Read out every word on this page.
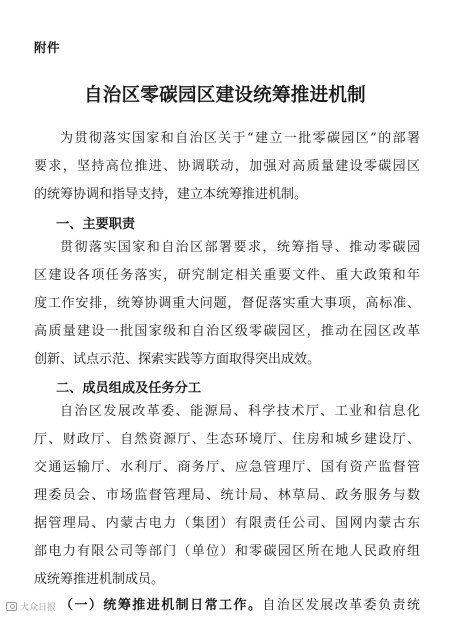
附件
自治区零碳园区建设统筹推进机制
为贯彻落实国家和自治区关于“建立一批零碳园区”的部署
要求，坚持高位推进、协调联动，加强对高质量建设零碳园区
的统筹协调和指导支持，建立本统筹推进机制。
一、主要职责
贯彻落实国家和自治区部署要求，统筹指导、推动零碳园
区建设各项任务落实，研究制定相关重要文件、重大政策和年
度工作安排，统筹协调重大问题，督促落实重大事项，高标准、
高质量建设一批国家级和自治区级零碳园区，推动在园区改革
创新、试点示范、探索实践等方面取得突出成效。
二、成员组成及任务分工
自治区发展改革委、能源局、科学技术厅、工业和信息化
厅、财政厅、自然资源厅、生态环境厅、住房和城乡建设厅、
交通运输厅、水利厅、商务厅、应急管理厅、国有资产监督管
理委员会、市场监督管理局、统计局、林草局、政务服务与数
据管理局、内蒙古电力（集团）有限责任公司、国网内蒙古东
部电力有限公司等部门（单位）和零碳园区所在地人民政府组
成统筹推进机制成员。
（一）统筹推进机制日常工作。自治区发展改革委负责统
大众日报
